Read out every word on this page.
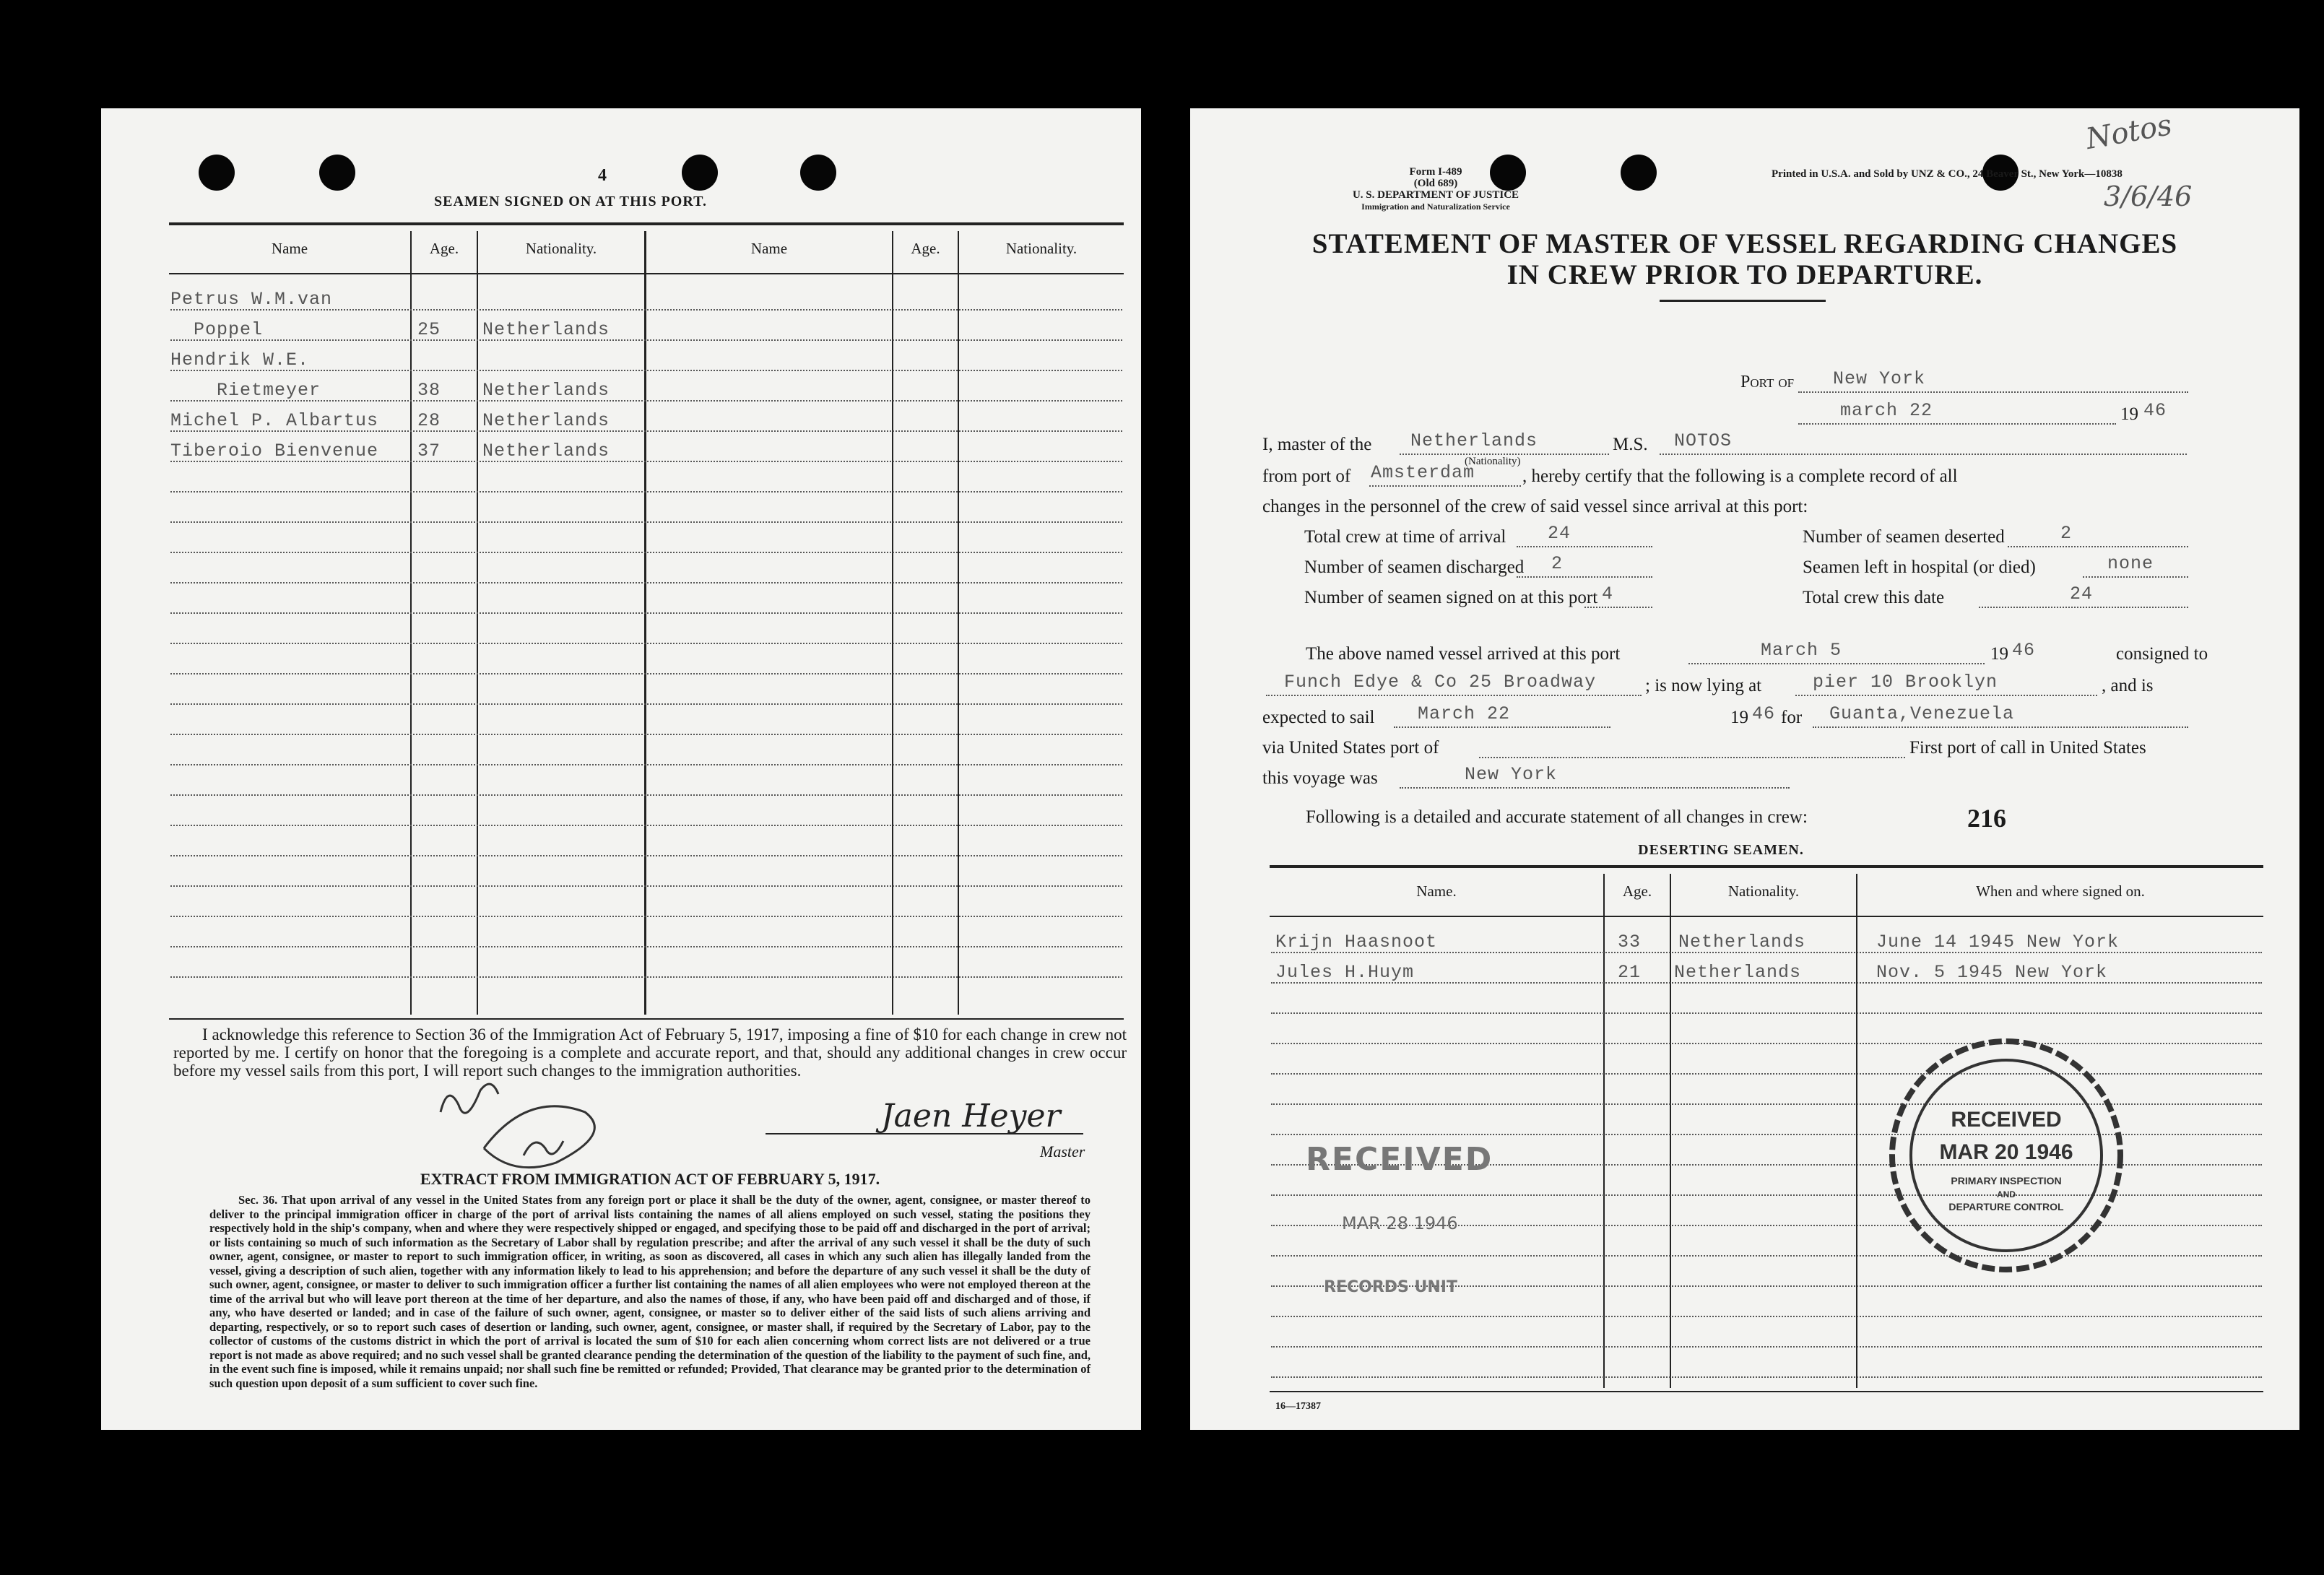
4
SEAMEN SIGNED ON AT THIS PORT.
Name	Age.	Nationality.	Name	Age.	Nationality.
Petrus W.M.van
Poppel	25 Netherlands
Hendrik W.E.
Rietmeyer	38 Netherlands
Michel P. Albartus 28 Netherlands
Tiberoio Bienvenue 37 Netherlands
I acknowledge this reference to Section 36 of the Immigration Act of February 5, 1917, imposing a fine of $10 for each change in crew not reported by me. I certify on honor that the foregoing is a complete and accurate report, and that, should any additional changes in crew occur before my vessel sails from this port, I will report such changes to the immigration authorities.
Jaen Heyer
Master
EXTRACT FROM IMMIGRATION ACT OF FEBRUARY 5, 1917.
Sec. 36. That upon arrival of any vessel in the United States from any foreign port or place it shall be the duty of the owner, agent, consignee, or master thereof to deliver to the principal immigration officer in charge of the port of arrival lists containing the names of all aliens employed on such vessel, stating the positions they respectively hold in the ship's company, when and where they were respectively shipped or engaged, and specifying those to be paid off and discharged in the port of arrival; or lists containing so much of such information as the Secretary of Labor shall by regulation prescribe; and after the arrival of any such vessel it shall be the duty of such owner, agent, consignee, or master to report to such immigration officer, in writing, as soon as discovered, all cases in which any such alien has illegally landed from the vessel, giving a description of such alien, together with any information likely to lead to his apprehension; and before the departure of any such vessel it shall be the duty of such owner, agent, consignee, or master to deliver to such immigration officer a further list containing the names of all alien employees who were not employed thereon at the time of the arrival but who will leave port thereon at the time of her departure, and also the names of those, if any, who have been paid off and discharged and of those, if any, who have deserted or landed; and in case of the failure of such owner, agent, consignee, or master so to deliver either of the said lists of such aliens arriving and departing, respectively, or so to report such cases of desertion or landing, such owner, agent, consignee, or master shall, if required by the Secretary of Labor, pay to the collector of customs of the customs district in which the port of arrival is located the sum of $10 for each alien concerning whom correct lists are not delivered or a true report is not made as above required; and no such vessel shall be granted clearance pending the determination of the question of the liability to the payment of such fine, and, in the event such fine is imposed, while it remains unpaid; nor shall such fine be remitted or refunded; Provided, That clearance may be granted prior to the determination of such question upon deposit of a sum sufficient to cover such fine.
Form I-489
(Old 689)
U. S. DEPARTMENT OF JUSTICE
Immigration and Naturalization Service
Printed in U.S.A. and Sold by UNZ & CO., 24 Beaver St., New York—10838
Notos
3/6/46
STATEMENT OF MASTER OF VESSEL REGARDING CHANGES
IN CREW PRIOR TO DEPARTURE.
Port of New York
march 22	19 46
I, master of the Netherlands
(Nationality)
M.S. NOTOS
from port of Amsterdam	, hereby certify that the following is a complete record of all
changes in the personnel of the crew of said vessel since arrival at this port:
Total crew at time of arrival 24	Number of seamen deserted	2
Number of seamen discharged 2	Seamen left in hospital (or died)	none
Number of seamen signed on at this port 4	Total crew this date	24
The above named vessel arrived at this port	March 5	19 46	consigned to
Funch Edye & Co 25 Broadway	; is now lying at	pier 10 Brooklyn	, and is
expected to sail March 22	19 46 for Guanta,Venezuela
via United States port of	First port of call in United States
this voyage was	New York
Following is a detailed and accurate statement of all changes in crew:	216
DESERTING SEAMEN.
Name.	Age.	Nationality.	When and where signed on.
Krijn Haasnoot	33 Netherlands	June 14 1945 New York
Jules H.Huym	21 Netherlands	Nov. 5 1945 New York
RECEIVED
MAR 28 1946
RECORDS UNIT
RECEIVED
MAR 20 1946
PRIMARY INSPECTION
AND
DEPARTURE CONTROL
16—17387
